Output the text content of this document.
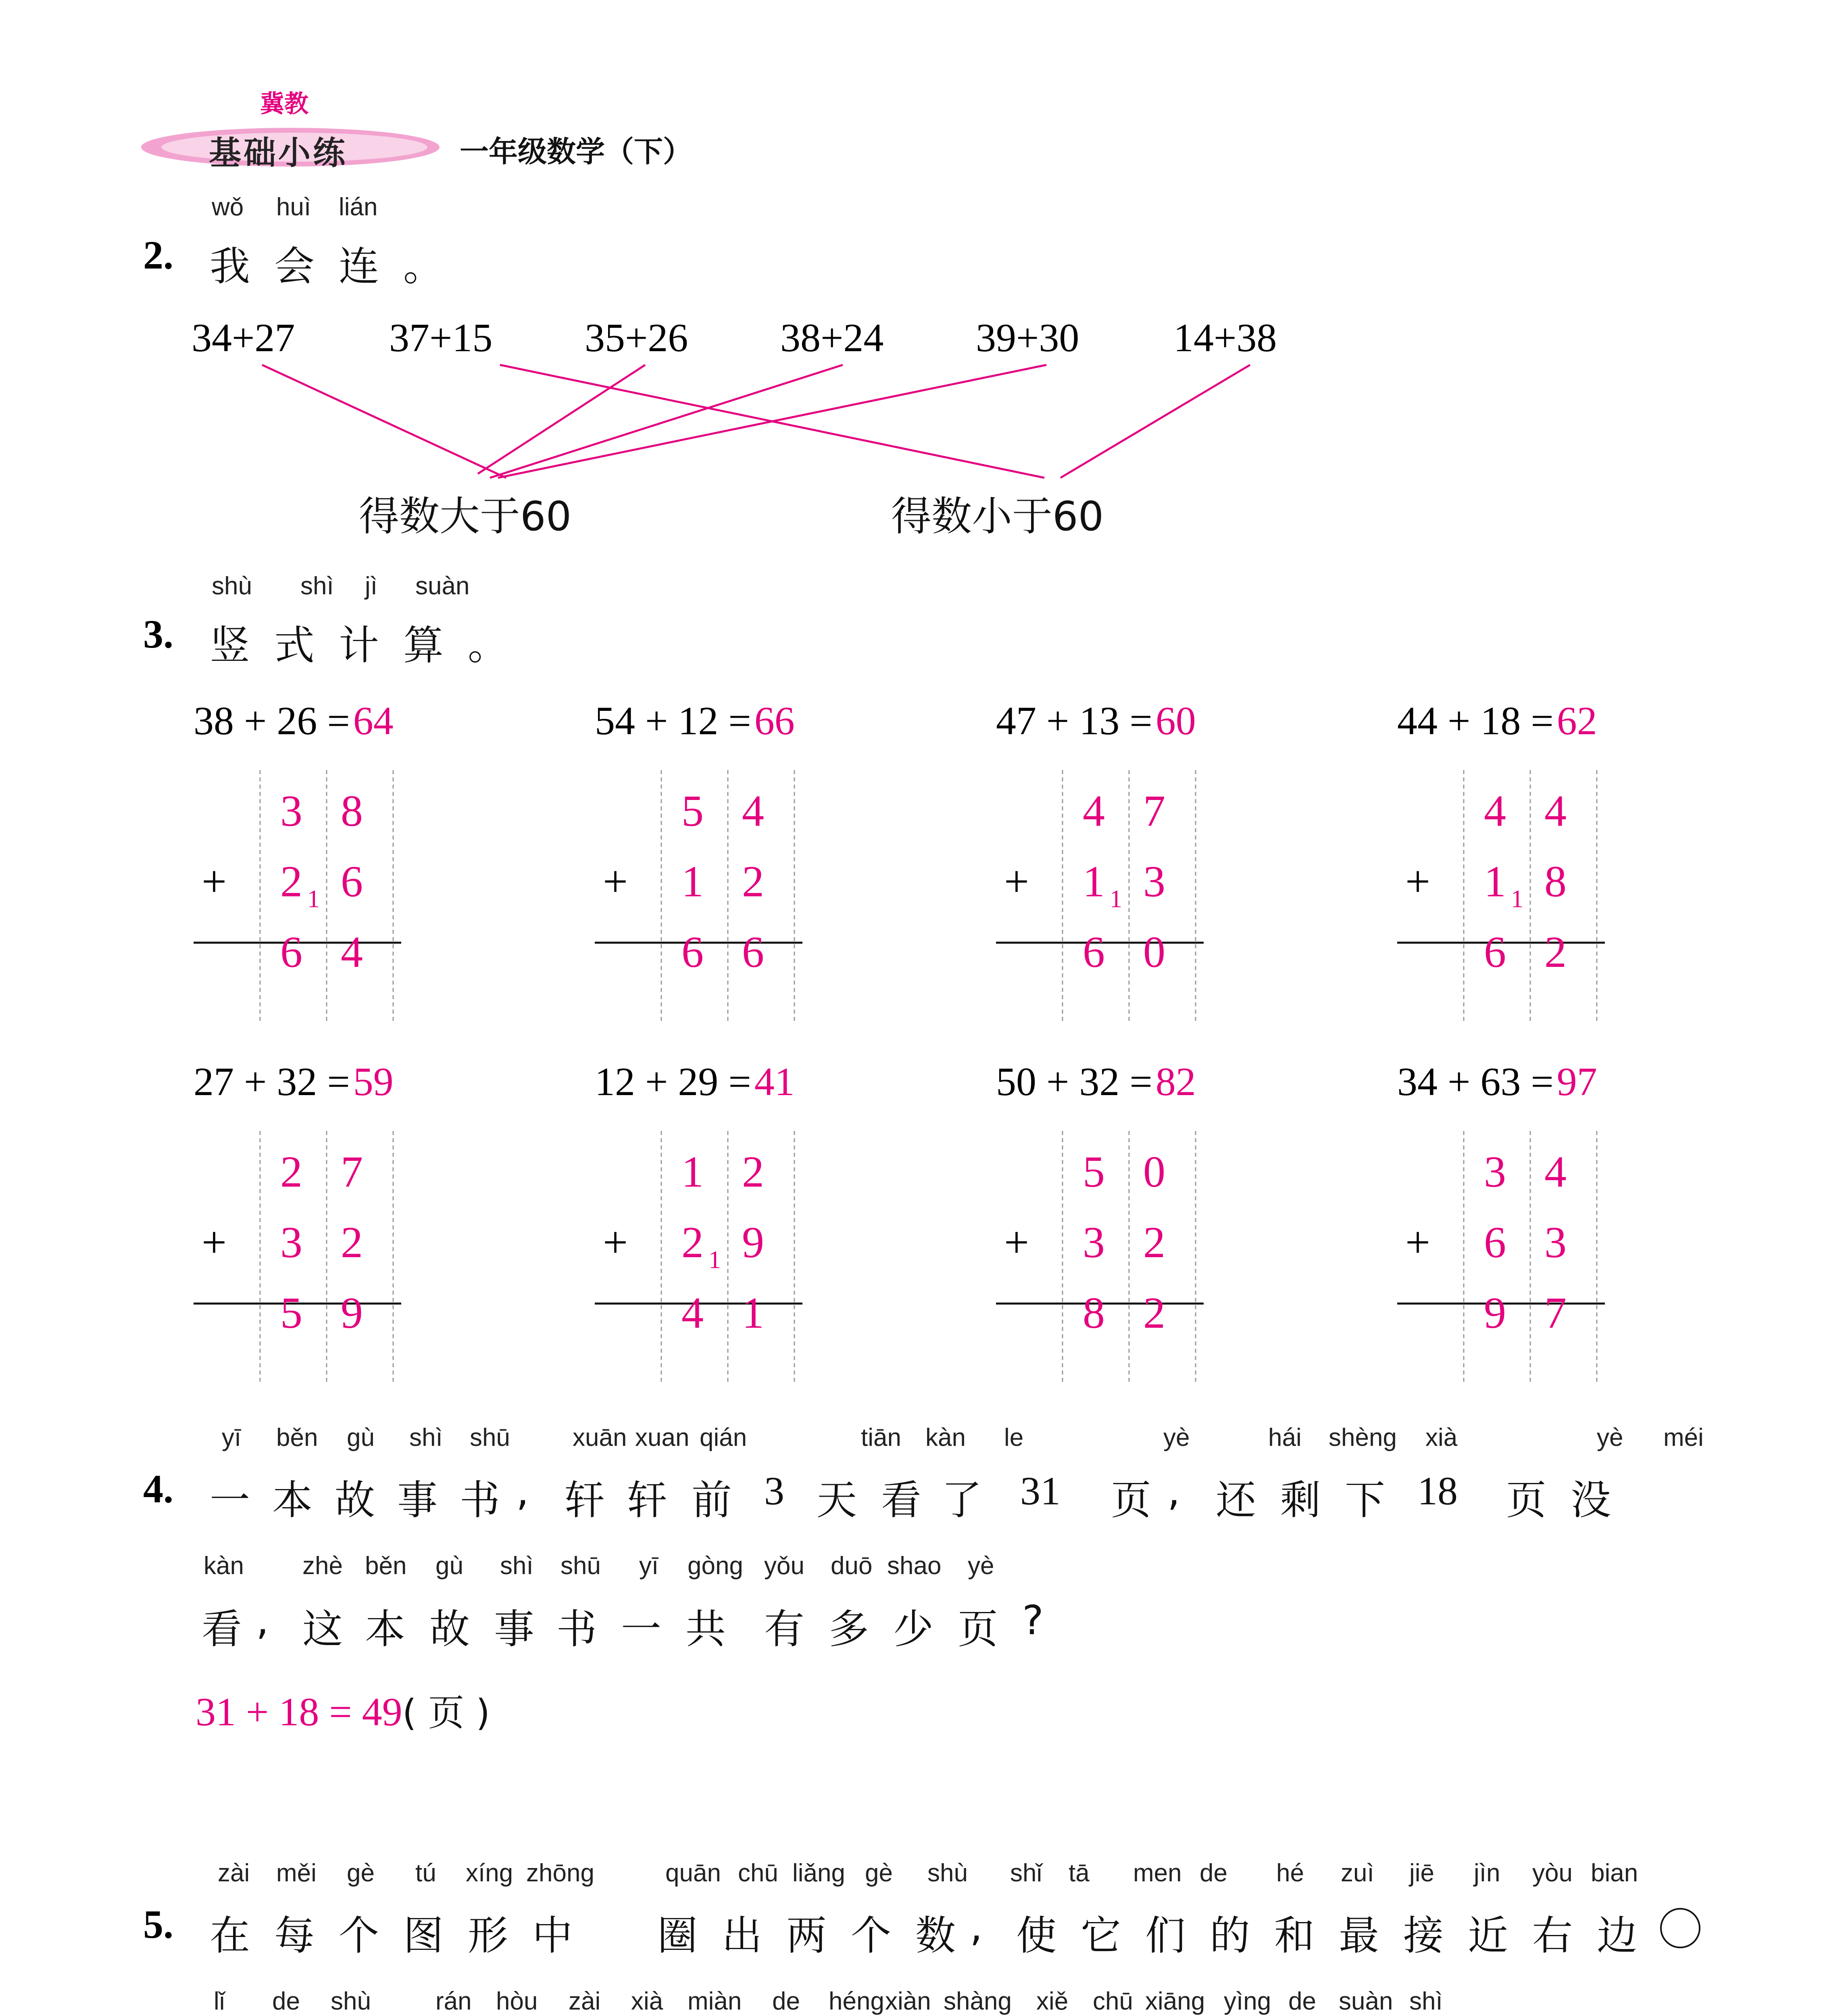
冀教
基础小练	一年级数学（下）
wǒ huì lián
2. 我会连。
34+27 37+15 35+26 38+24 39+30 14+38
得数大于60	得数小于60
shù shì jì suàn
3. 竖式计算。
38 + 26 =64
3 8
+ 2 1 6
6 4
54 + 12 =66
5 4
+ 1 2
6 6
47 + 13 =60
4 7
+ 1 1 3
6 0
44 + 18 =62
4 4
+ 1 1 8
6 2
27 + 32 =59
2 7
+ 3 2
5 9
12 + 29 =41
1 2
+ 2 1 9
4 1
50 + 32 =82
5 0
+ 3 2
8 2
34 + 63 =97
3 4
+ 6 3
9 7
yī běn gù shì shū	xuān xuan qián	tiān kàn le	yè	hái shèng xià	yè méi
4. 一 本 故 事 书 , 轩 轩 前 3 天 看 了 31 页 , 还 剩 下 18 页 没
kàn zhè běn gù shì shū yī gòng yǒu duō shao yè
看 , 这 本 故 事 书 一 共 有 多 少 页 ?
31 + 18 = 49( 页 )
zài měi gè tú xíng zhōng	quān chū liǎng gè shù shǐ tā men de hé zuì jiē jìn yòu bian
5. 在 每 个 图 形 中 圈 出 两 个 数 , 使 它 们 的 和 最 接 近 右 边
lǐ de shù	rán hòu zài xià miàn de héng xiàn shàng xiě chū xiāng yìng de suàn shì
